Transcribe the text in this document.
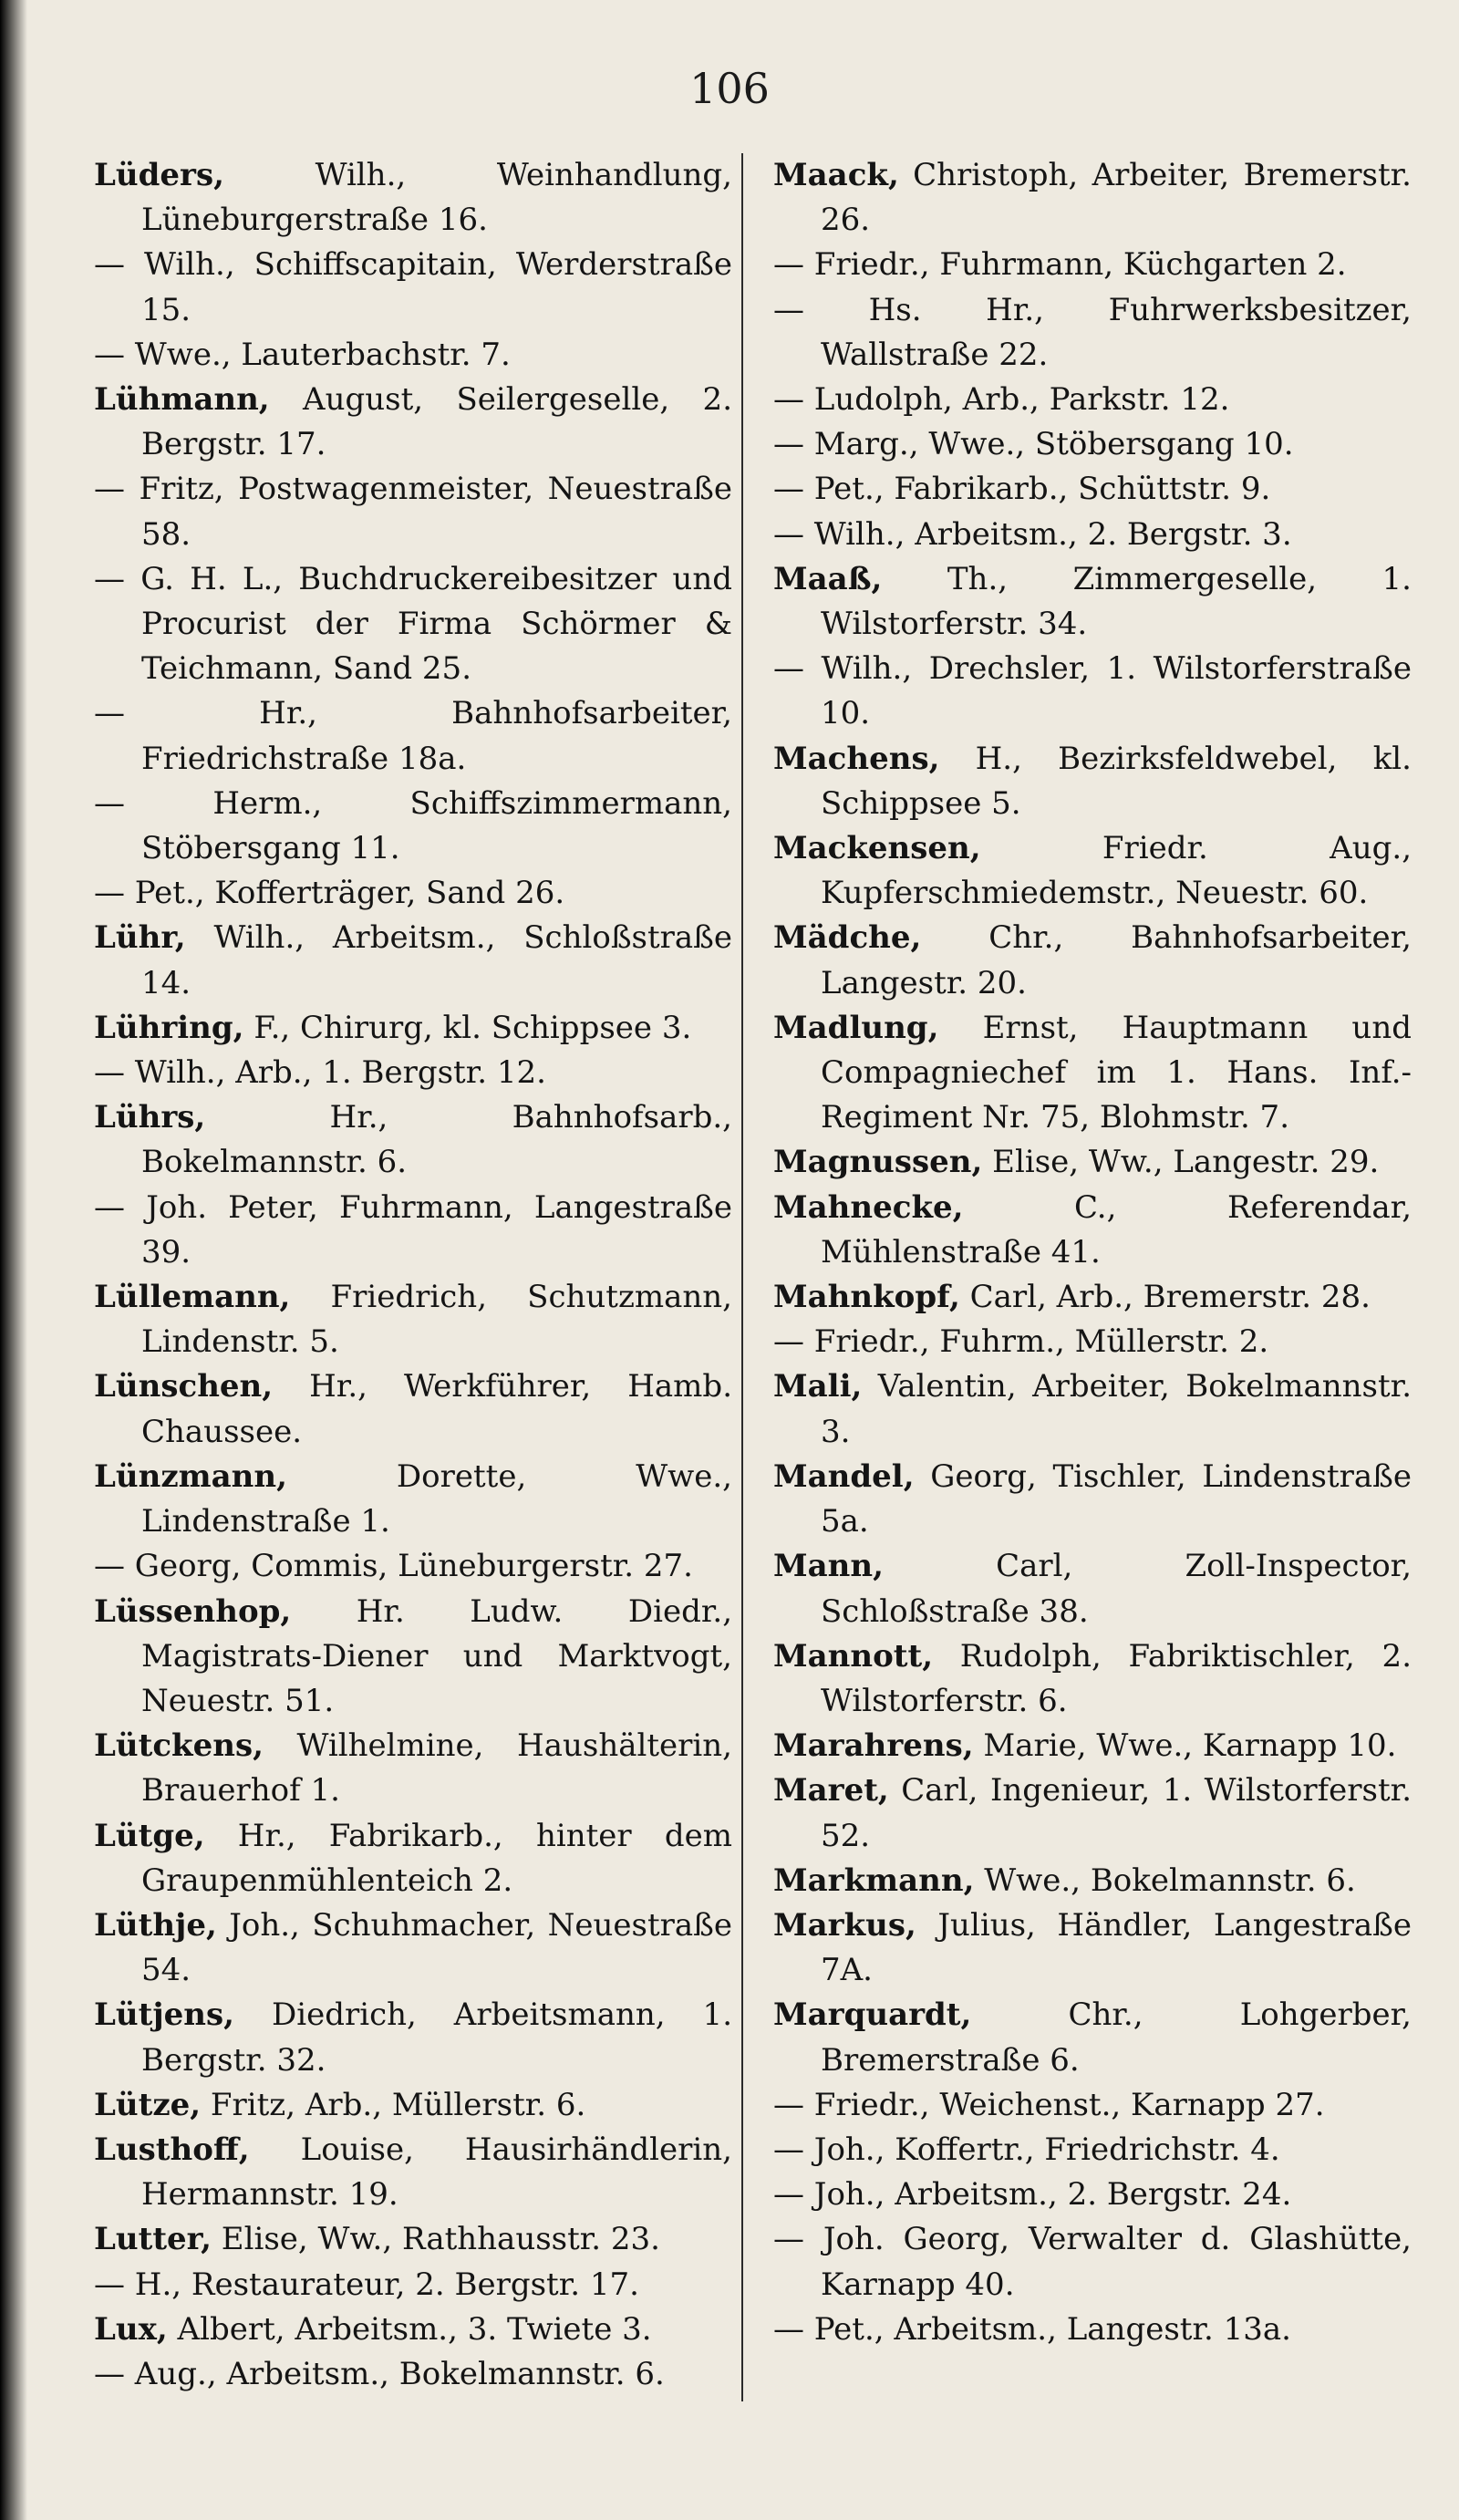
106
Lüders, Wilh., Weinhandlung, Lüneburgerstraße 16.
— Wilh., Schiffscapitain, Werderstraße 15.
— Wwe., Lauterbachstr. 7.
Lühmann, August, Seilergeselle, 2. Bergstr. 17.
— Fritz, Postwagenmeister, Neuestraße 58.
— G. H. L., Buchdruckereibesitzer und Procurist der Firma Schörmer & Teichmann, Sand 25.
— Hr., Bahnhofsarbeiter, Friedrichstraße 18a.
— Herm., Schiffszimmermann, Stöbersgang 11.
— Pet., Kofferträger, Sand 26.
Lühr, Wilh., Arbeitsm., Schloßstraße 14.
Lühring, F., Chirurg, kl. Schippsee 3.
— Wilh., Arb., 1. Bergstr. 12.
Lührs, Hr., Bahnhofsarb., Bokelmannstr. 6.
— Joh. Peter, Fuhrmann, Langestraße 39.
Lüllemann, Friedrich, Schutzmann, Lindenstr. 5.
Lünschen, Hr., Werkführer, Hamb. Chaussee.
Lünzmann, Dorette, Wwe., Lindenstraße 1.
— Georg, Commis, Lüneburgerstr. 27.
Lüssenhop, Hr. Ludw. Diedr., Magistrats-Diener und Marktvogt, Neuestr. 51.
Lütckens, Wilhelmine, Haushälterin, Brauerhof 1.
Lütge, Hr., Fabrikarb., hinter dem Graupenmühlenteich 2.
Lüthje, Joh., Schuhmacher, Neuestraße 54.
Lütjens, Diedrich, Arbeitsmann, 1. Bergstr. 32.
Lütze, Fritz, Arb., Müllerstr. 6.
Lusthoff, Louise, Hausirhändlerin, Hermannstr. 19.
Lutter, Elise, Ww., Rathhausstr. 23.
— H., Restaurateur, 2. Bergstr. 17.
Lux, Albert, Arbeitsm., 3. Twiete 3.
— Aug., Arbeitsm., Bokelmannstr. 6.
Maack, Christoph, Arbeiter, Bremerstr. 26.
— Friedr., Fuhrmann, Küchgarten 2.
— Hs. Hr., Fuhrwerksbesitzer, Wallstraße 22.
— Ludolph, Arb., Parkstr. 12.
— Marg., Wwe., Stöbersgang 10.
— Pet., Fabrikarb., Schüttstr. 9.
— Wilh., Arbeitsm., 2. Bergstr. 3.
Maaß, Th., Zimmergeselle, 1. Wilstorferstr. 34.
— Wilh., Drechsler, 1. Wilstorferstraße 10.
Machens, H., Bezirksfeldwebel, kl. Schippsee 5.
Mackensen, Friedr. Aug., Kupferschmiedemstr., Neuestr. 60.
Mädche, Chr., Bahnhofsarbeiter, Langestr. 20.
Madlung, Ernst, Hauptmann und Compagniechef im 1. Hans. Inf.-Regiment Nr. 75, Blohmstr. 7.
Magnussen, Elise, Ww., Langestr. 29.
Mahnecke, C., Referendar, Mühlenstraße 41.
Mahnkopf, Carl, Arb., Bremerstr. 28.
— Friedr., Fuhrm., Müllerstr. 2.
Mali, Valentin, Arbeiter, Bokelmannstr. 3.
Mandel, Georg, Tischler, Lindenstraße 5a.
Mann, Carl, Zoll-Inspector, Schloßstraße 38.
Mannott, Rudolph, Fabriktischler, 2. Wilstorferstr. 6.
Marahrens, Marie, Wwe., Karnapp 10.
Maret, Carl, Ingenieur, 1. Wilstorferstr. 52.
Markmann, Wwe., Bokelmannstr. 6.
Markus, Julius, Händler, Langestraße 7A.
Marquardt, Chr., Lohgerber, Bremerstraße 6.
— Friedr., Weichenst., Karnapp 27.
— Joh., Koffertr., Friedrichstr. 4.
— Joh., Arbeitsm., 2. Bergstr. 24.
— Joh. Georg, Verwalter d. Glashütte, Karnapp 40.
— Pet., Arbeitsm., Langestr. 13a.
